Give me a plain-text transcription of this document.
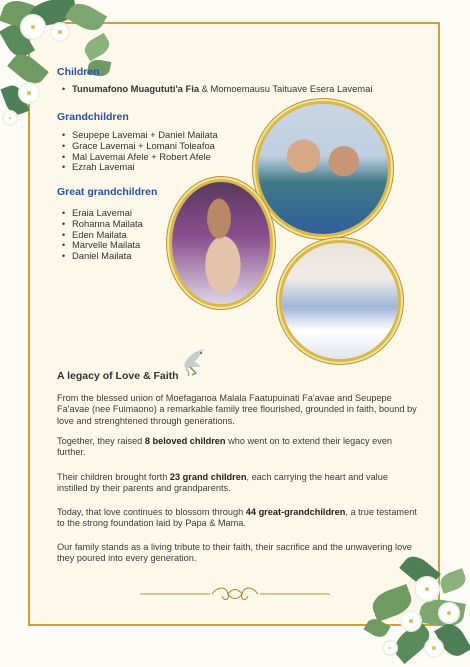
Children
• Tunumafono Muagututi'a Fia & Momoemausu Taituave Esera Lavemai
Grandchildren
• Seupepe Lavemai + Daniel Mailata
• Grace Lavemai + Lomani Toleafoa
• Mal Lavemai Afele + Robert Afele
• Ezrah Lavemai
Great grandchildren
• Eraia Lavemai
• Rohanna Mailata
• Eden Mailata
• Marvelle Mailata
• Daniel Mailata
A legacy of Love & Faith

From the blessed union of Moefaganoa Malala Faatupuinati Fa'avae and Seupepe Fa'avae (nee Fuimaono) a remarkable family tree flourished, grounded in faith, bound by love and strenghtened through generations.

Together, they raised 8 beloved children who went on to extend their legacy even further.

Their children brought forth 23 grand children, each carrying the heart and value instilled by their parents and grandparents.

Today, that love continues to blossom through 44 great-grandchildren, a true testament to the strong foundation laid by Papa & Mama.

Our family stands as a living tribute to their faith, their sacrifice and the unwavering love they poured into every generation.
